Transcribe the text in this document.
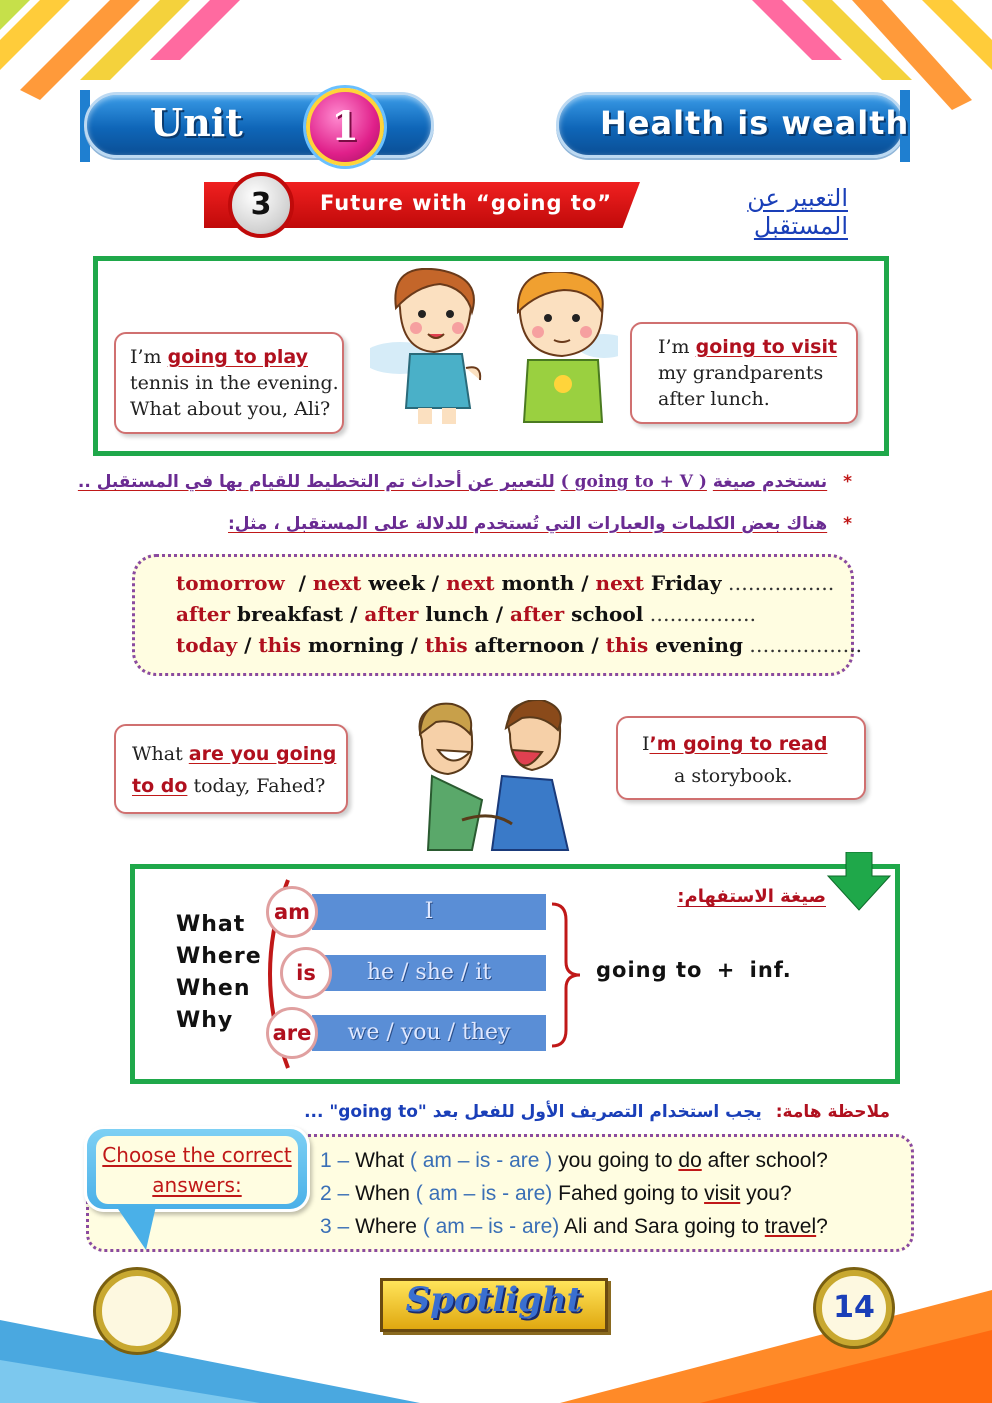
Unit	1	Health is wealth
3	Future with “going to”	التعبير عن المستقبل
I’m going to play
tennis in the evening.
What about you, Ali?
I’m going to visit
my grandparents
after lunch.
* نستخدم صيغة ( going to + V ) للتعبير عن أحداث تم التخطيط للقيام بها في المستقبل ..
* هناك بعض الكلمات والعبارات التي تُستخدم للدلالة على المستقبل ، مثل:
tomorrow  / next week / next month / next Friday …………….
after breakfast / after lunch / after school …………….
today / this morning / this afternoon / this evening ……………..
What are you going
to do today, Fahed?
I’m going to read
a storybook.
صيغة الاستفهام:
What
Where
When
Why
I
he / she / it
we / you / they
am
is
are
going to + inf.
ملاحظة هامة: يجب استخدام التصريف الأول للفعل بعد "going to" ...
Choose the correct
answers:
1 – What ( am – is - are ) you going to do after school?
2 – When ( am – is - are) Fahed going to visit you?
3 – Where ( am – is - are) Ali and Sara going to travel?
Spotlight	14
